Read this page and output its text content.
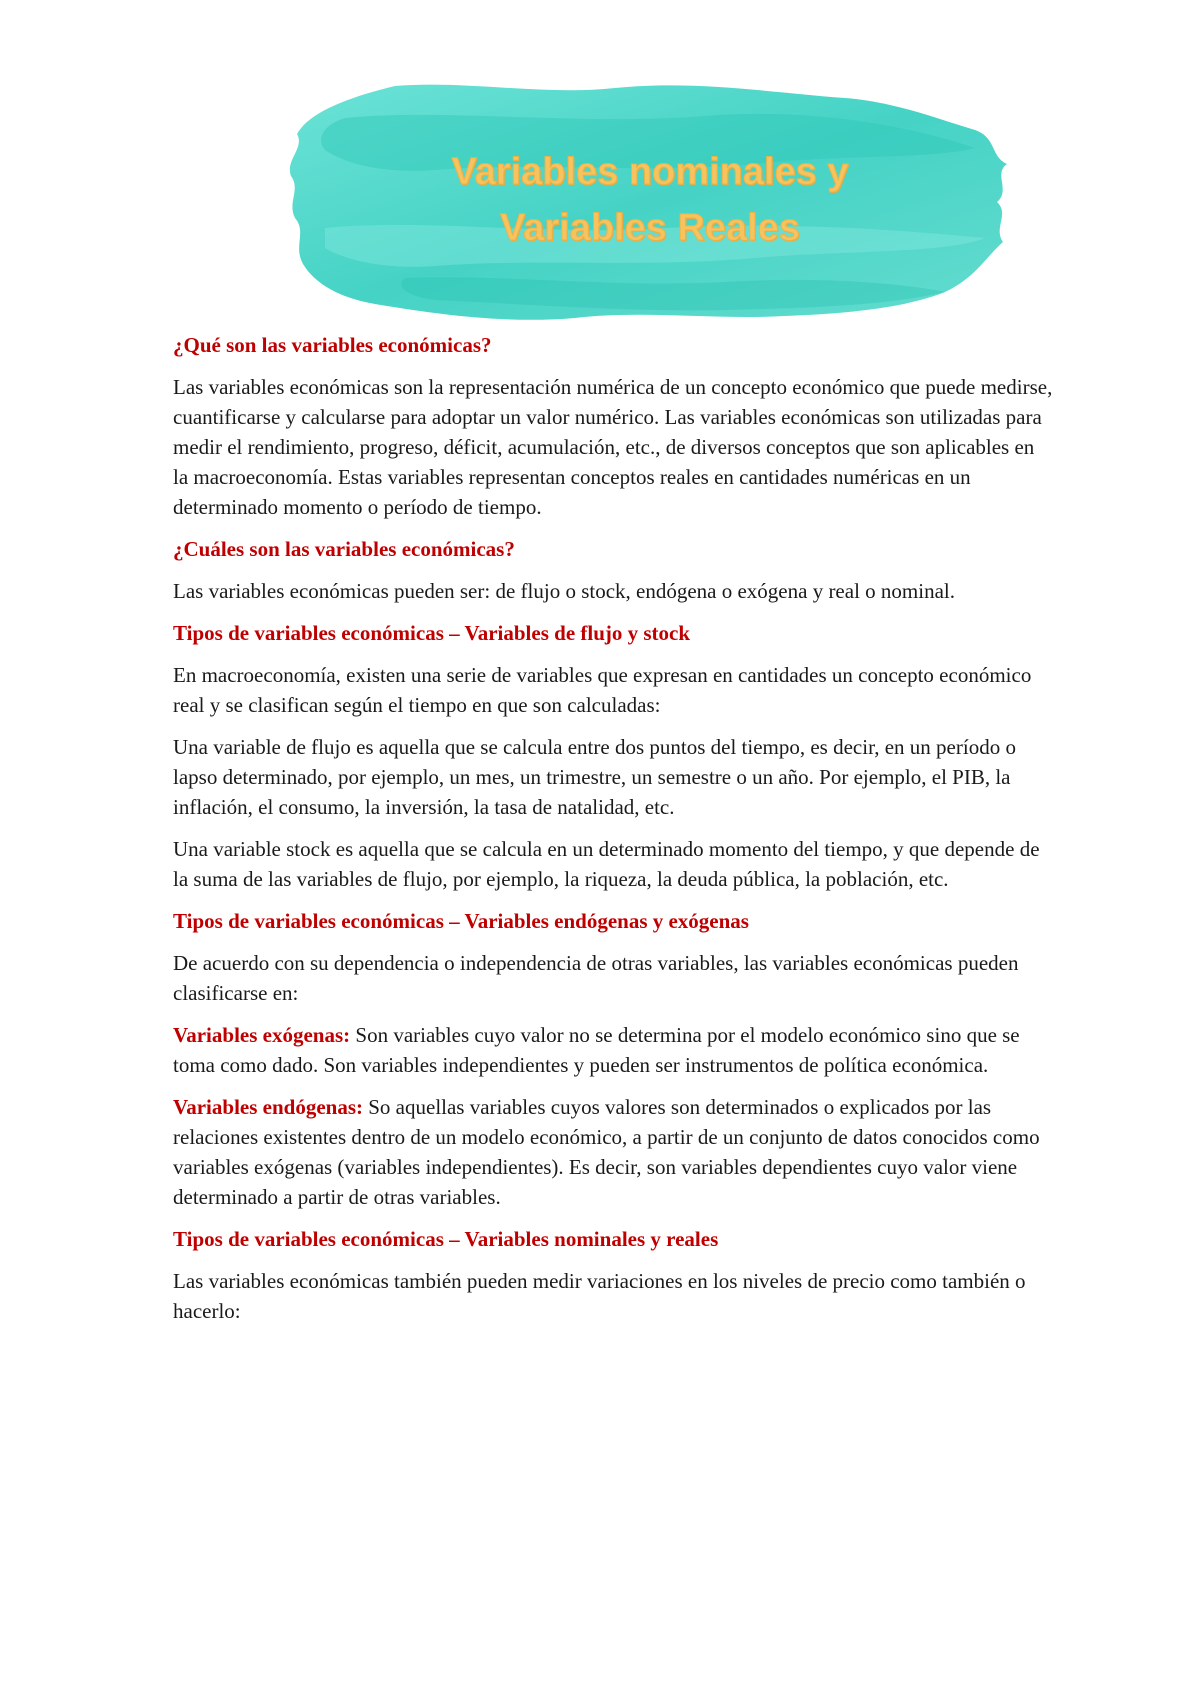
Variables nominales y
Variables Reales

¿Qué son las variables económicas?

Las variables económicas son la representación numérica de un concepto económico que puede medirse, cuantificarse y calcularse para adoptar un valor numérico. Las variables económicas son utilizadas para medir el rendimiento, progreso, déficit, acumulación, etc., de diversos conceptos que son aplicables en la macroeconomía. Estas variables representan conceptos reales en cantidades numéricas en un determinado momento o período de tiempo.

¿Cuáles son las variables económicas?

Las variables económicas pueden ser: de flujo o stock, endógena o exógena y real o nominal.

Tipos de variables económicas – Variables de flujo y stock

En macroeconomía, existen una serie de variables que expresan en cantidades un concepto económico real y se clasifican según el tiempo en que son calculadas:

Una variable de flujo es aquella que se calcula entre dos puntos del tiempo, es decir, en un período o lapso determinado, por ejemplo, un mes, un trimestre, un semestre o un año. Por ejemplo, el PIB, la inflación, el consumo, la inversión, la tasa de natalidad, etc.

Una variable stock es aquella que se calcula en un determinado momento del tiempo, y que depende de la suma de las variables de flujo, por ejemplo, la riqueza, la deuda pública, la población, etc.

Tipos de variables económicas – Variables endógenas y exógenas

De acuerdo con su dependencia o independencia de otras variables, las variables económicas pueden clasificarse en:

Variables exógenas: Son variables cuyo valor no se determina por el modelo económico sino que se toma como dado. Son variables independientes y pueden ser instrumentos de política económica.

Variables endógenas: So aquellas variables cuyos valores son determinados o explicados por las relaciones existentes dentro de un modelo económico, a partir de un conjunto de datos conocidos como variables exógenas (variables independientes). Es decir, son variables dependientes cuyo valor viene determinado a partir de otras variables.

Tipos de variables económicas – Variables nominales y reales

Las variables económicas también pueden medir variaciones en los niveles de precio como también o hacerlo:
